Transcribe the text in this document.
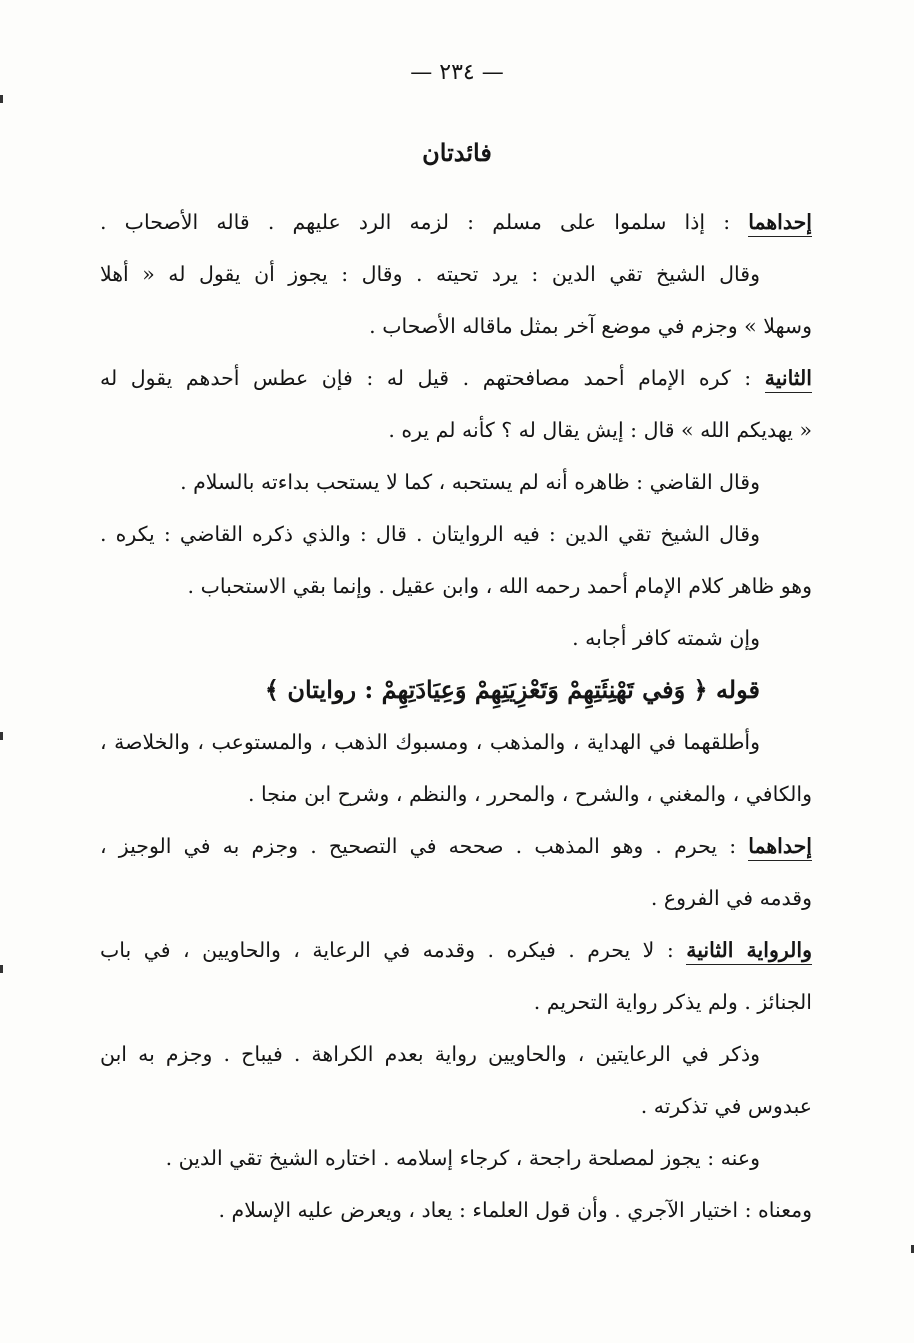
— ٢٣٤ —
فائدتان
إحداهما : إذا سلموا على مسلم : لزمه الرد عليهم . قاله الأصحاب .
وقال الشيخ تقي الدين : يرد تحيته . وقال : يجوز أن يقول له « أهلا
وسهلا » وجزم في موضع آخر بمثل ماقاله الأصحاب .
الثانية : كره الإمام أحمد مصافحتهم . قيل له : فإن عطس أحدهم يقول له
« يهديكم الله » قال : إيش يقال له ؟ كأنه لم يره .
وقال القاضي : ظاهره أنه لم يستحبه ، كما لا يستحب بداءته بالسلام .
وقال الشيخ تقي الدين : فيه الروايتان . قال : والذي ذكره القاضي : يكره .
وهو ظاهر كلام الإمام أحمد رحمه الله ، وابن عقيل . وإنما بقي الاستحباب .
وإن شمته كافر أجابه .
قوله ﴿ وَفي تَهْنِئَتِهِمْ وَتَعْزِيَتِهِمْ وَعِيَادَتِهِمْ : روايتان ﴾
وأطلقهما في الهداية ، والمذهب ، ومسبوك الذهب ، والمستوعب ، والخلاصة ،
والكافي ، والمغني ، والشرح ، والمحرر ، والنظم ، وشرح ابن منجا .
إحداهما : يحرم . وهو المذهب . صححه في التصحيح . وجزم به في الوجيز ،
وقدمه في الفروع .
والرواية الثانية : لا يحرم . فيكره . وقدمه في الرعاية ، والحاويين ، في باب
الجنائز . ولم يذكر رواية التحريم .
وذكر في الرعايتين ، والحاويين رواية بعدم الكراهة . فيباح . وجزم به ابن
عبدوس في تذكرته .
وعنه : يجوز لمصلحة راجحة ، كرجاء إسلامه . اختاره الشيخ تقي الدين .
ومعناه : اختيار الآجري . وأن قول العلماء : يعاد ، ويعرض عليه الإسلام .
